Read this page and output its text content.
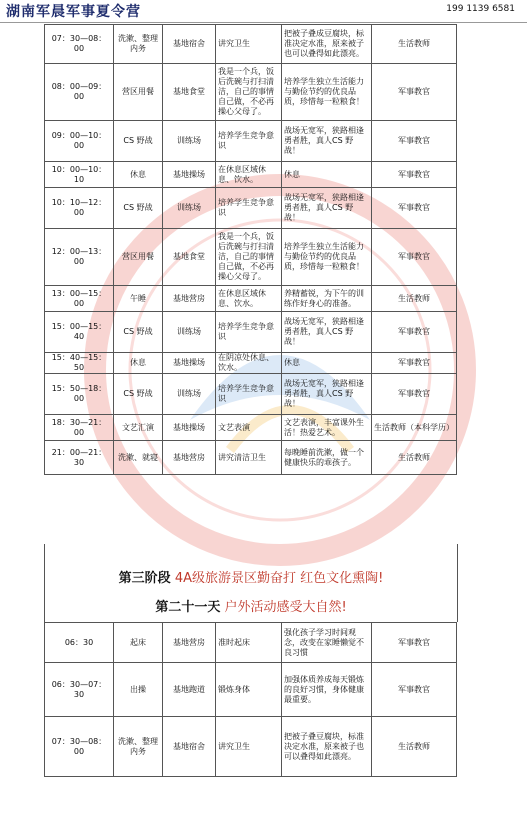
湖南军晨军事夏令营	199 1139 6581
07：30—08：00	洗漱、整理内务	基地宿舍	讲究卫生	把被子叠成豆腐块，标准决定水准，原来被子也可以叠得如此漂亮。	生活教师
08：00—09：00	营区用餐	基地食堂	我是一个兵，饭后洗碗与打扫清洁，自己的事情自己做，不必再操心父母了。	培养学生独立生活能力与勤俭节约的优良品质，珍惜每一粒粮食！	军事教官
09：00—10：00	CS 野战	训练场	培养学生竞争意识	战场无宽军，狭路相逢勇者胜，真人CS 野战！	军事教官
10：00—10：10	休息	基地操场	在休息区域休息、饮水。	休息	军事教官
10：10—12：00	CS 野战	训练场	培养学生竞争意识	战场无宽军，狭路相逢勇者胜，真人CS 野战！	军事教官
12：00—13：00	营区用餐	基地食堂	我是一个兵，饭后洗碗与打扫清洁，自己的事情自己做，不必再操心父母了。	培养学生独立生活能力与勤俭节约的优良品质，珍惜每一粒粮食！	军事教官
13：00—15：00	午睡	基地营房	在休息区域休息、饮水。	养精蓄锐，为下午的训练作好身心的准备。	生活教师
15：00—15：40	CS 野战	训练场	培养学生竞争意识	战场无宽军，狭路相逢勇者胜，真人CS 野战！	军事教官
15：40—15：50	休息	基地操场	在阴凉处休息、饮水。	休息	军事教官
15：50—18：00	CS 野战	训练场	培养学生竞争意识	战场无宽军，狭路相逢勇者胜，真人CS 野战！	军事教官
18：30—21：00	文艺汇演	基地操场	文艺表演	文艺表演，丰富课外生活！热爱艺术。	生活教师（本科学历）
21：00—21：30	洗漱、就寝	基地营房	讲究清洁卫生	每晚睡前洗漱，做一个健康快乐的乖孩子。	生活教师
第三阶段 4A级旅游景区勤奋打 红色文化熏陶!
第二十一天 户外活动感受大自然!
06：30	起床	基地营房	准时起床	强化孩子学习时间观念，改变在家睡懒觉不良习惯	军事教官
06：30—07：30	出操	基地跑道	锻炼身体	加强体质养成每天锻炼的良好习惯，身体健康最重要。	军事教官
07：30—08：00	洗漱、整理内务	基地宿舍	讲究卫生	把被子叠豆腐块，标准决定水准，原来被子也可以叠得如此漂亮。	生活教师
